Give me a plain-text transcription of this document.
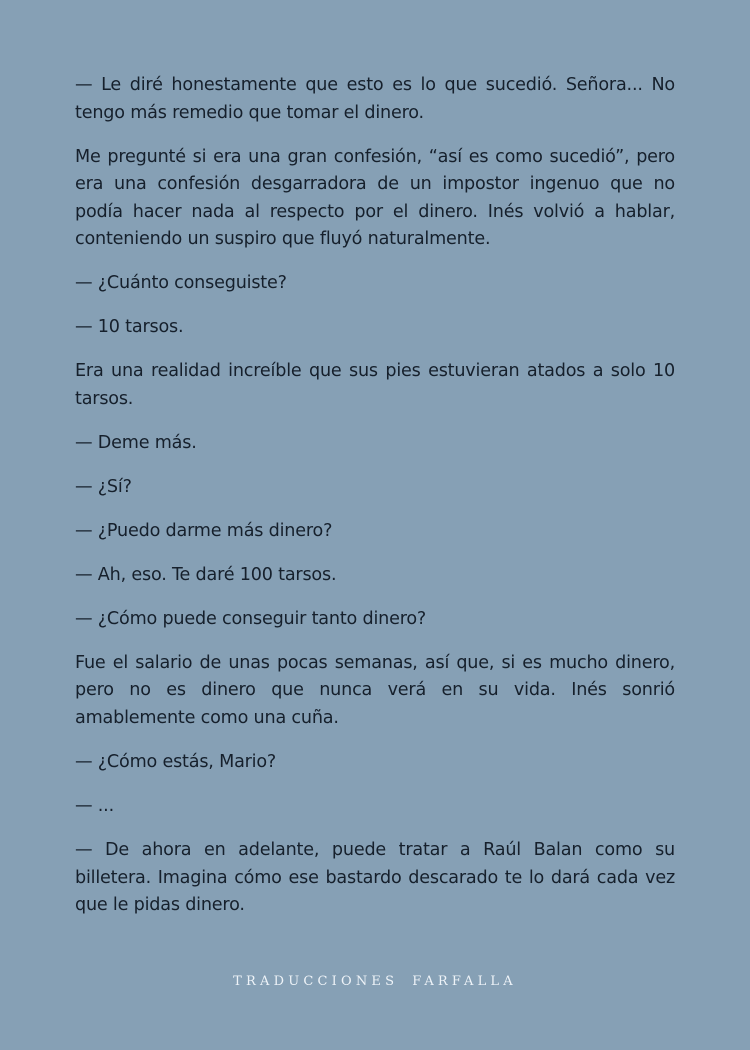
— Le diré honestamente que esto es lo que sucedió. Señora... No tengo más remedio que tomar el dinero.

Me pregunté si era una gran confesión, “así es como sucedió”, pero era una confesión desgarradora de un impostor ingenuo que no podía hacer nada al respecto por el dinero. Inés volvió a hablar, conteniendo un suspiro que fluyó naturalmente.

— ¿Cuánto conseguiste?

— 10 tarsos.

Era una realidad increíble que sus pies estuvieran atados a solo 10 tarsos.

— Deme más.

— ¿Sí?

— ¿Puedo darme más dinero?

— Ah, eso. Te daré 100 tarsos.

— ¿Cómo puede conseguir tanto dinero?

Fue el salario de unas pocas semanas, así que, si es mucho dinero, pero no es dinero que nunca verá en su vida. Inés sonrió amablemente como una cuña.

— ¿Cómo estás, Mario?

— ...

— De ahora en adelante, puede tratar a Raúl Balan como su billetera. Imagina cómo ese bastardo descarado te lo dará cada vez que le pidas dinero.

TRADUCCIONES FARFALLA
